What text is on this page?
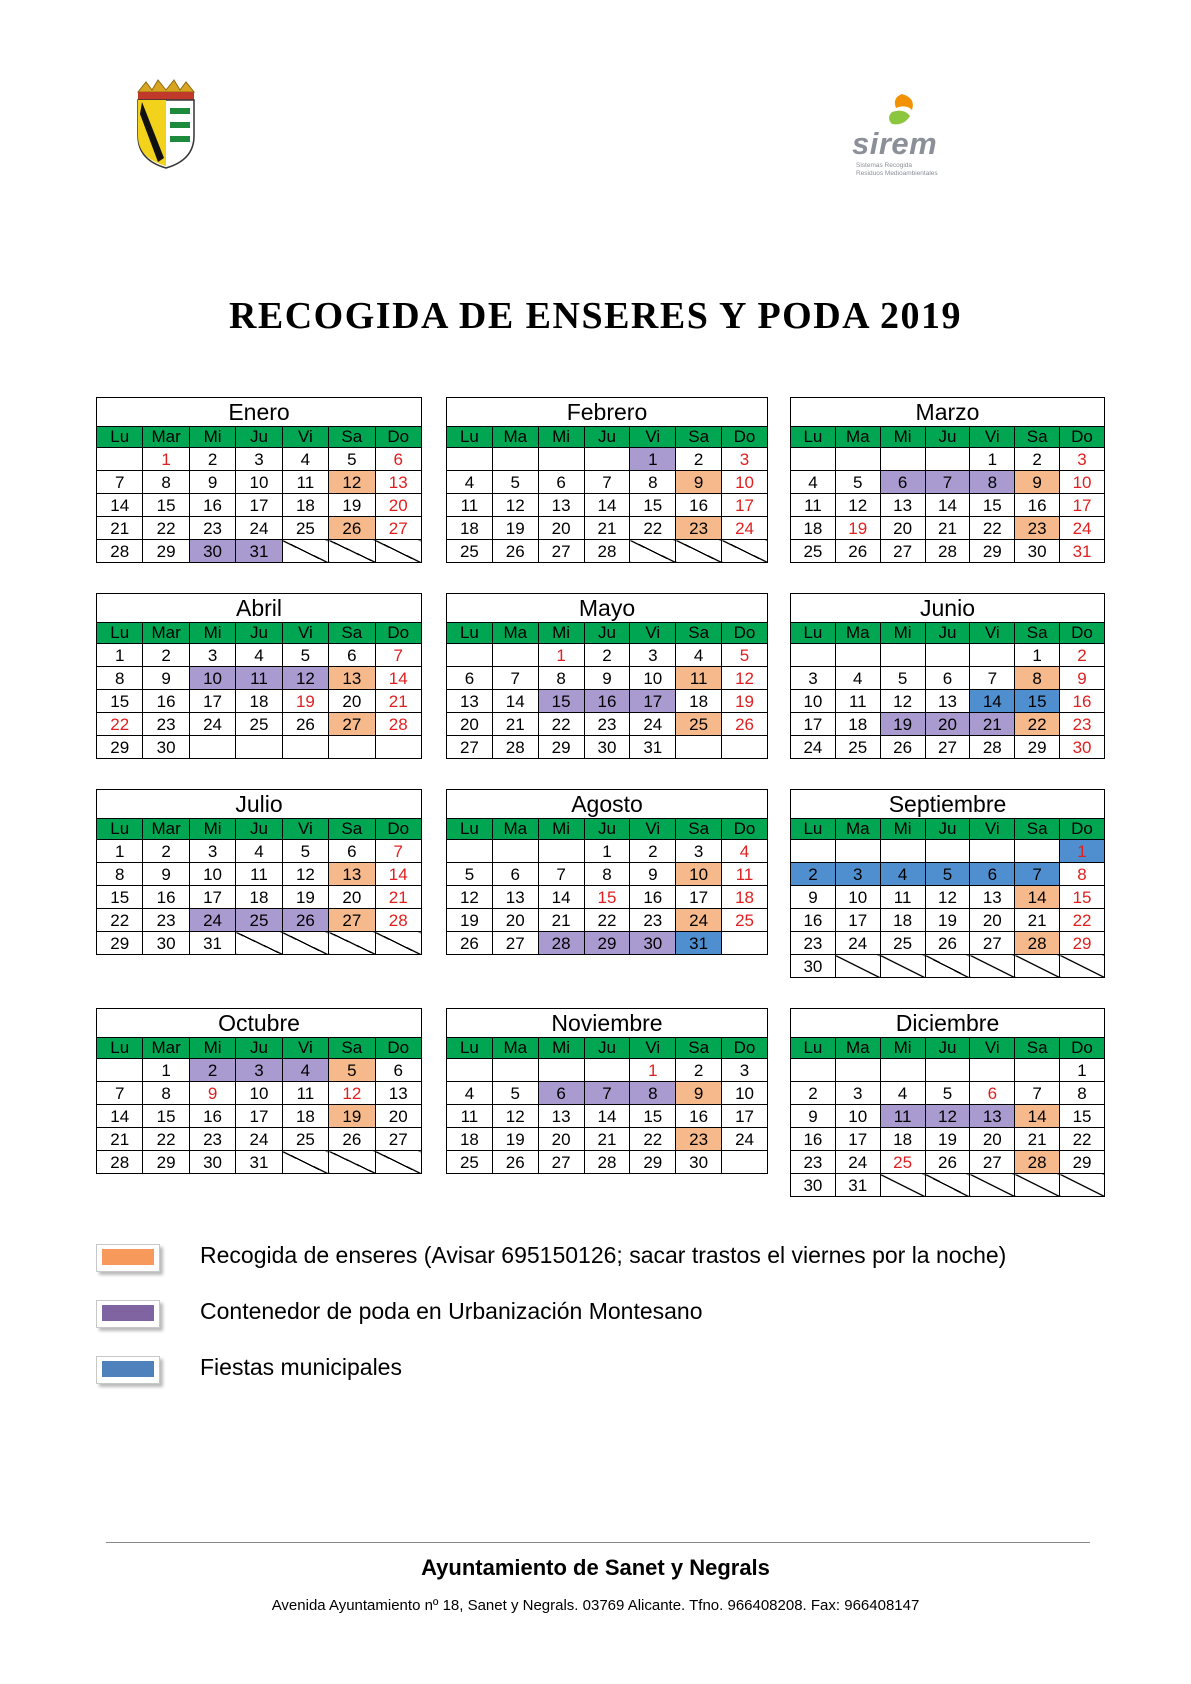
sirem
Sistemas Recogida
Residuos Medioambientales
RECOGIDA DE ENSERES Y PODA 2019
Enero						
Lu	Mar	Mi	Ju	Vi	Sa	Do
	1	2	3	4	5	6
7	8	9	10	11	12	13
14	15	16	17	18	19	20
21	22	23	24	25	26	27
28	29	30	31			
Febrero						
Lu	Ma	Mi	Ju	Vi	Sa	Do
				1	2	3
4	5	6	7	8	9	10
11	12	13	14	15	16	17
18	19	20	21	22	23	24
25	26	27	28			
Marzo						
Lu	Ma	Mi	Ju	Vi	Sa	Do
				1	2	3
4	5	6	7	8	9	10
11	12	13	14	15	16	17
18	19	20	21	22	23	24
25	26	27	28	29	30	31
Abril						
Lu	Mar	Mi	Ju	Vi	Sa	Do
1	2	3	4	5	6	7
8	9	10	11	12	13	14
15	16	17	18	19	20	21
22	23	24	25	26	27	28
29	30					
Mayo						
Lu	Ma	Mi	Ju	Vi	Sa	Do
		1	2	3	4	5
6	7	8	9	10	11	12
13	14	15	16	17	18	19
20	21	22	23	24	25	26
27	28	29	30	31		
Junio						
Lu	Ma	Mi	Ju	Vi	Sa	Do
					1	2
3	4	5	6	7	8	9
10	11	12	13	14	15	16
17	18	19	20	21	22	23
24	25	26	27	28	29	30
Julio						
Lu	Mar	Mi	Ju	Vi	Sa	Do
1	2	3	4	5	6	7
8	9	10	11	12	13	14
15	16	17	18	19	20	21
22	23	24	25	26	27	28
29	30	31				
Agosto						
Lu	Ma	Mi	Ju	Vi	Sa	Do
			1	2	3	4
5	6	7	8	9	10	11
12	13	14	15	16	17	18
19	20	21	22	23	24	25
26	27	28	29	30	31	
Septiembre						
Lu	Ma	Mi	Ju	Vi	Sa	Do
						1
2	3	4	5	6	7	8
9	10	11	12	13	14	15
16	17	18	19	20	21	22
23	24	25	26	27	28	29
30						
Octubre						
Lu	Mar	Mi	Ju	Vi	Sa	Do
	1	2	3	4	5	6
7	8	9	10	11	12	13
14	15	16	17	18	19	20
21	22	23	24	25	26	27
28	29	30	31			
Noviembre						
Lu	Ma	Mi	Ju	Vi	Sa	Do
				1	2	3
4	5	6	7	8	9	10
11	12	13	14	15	16	17
18	19	20	21	22	23	24
25	26	27	28	29	30	
Diciembre						
Lu	Ma	Mi	Ju	Vi	Sa	Do
						1
2	3	4	5	6	7	8
9	10	11	12	13	14	15
16	17	18	19	20	21	22
23	24	25	26	27	28	29
30	31					
Recogida de enseres (Avisar 695150126; sacar trastos el viernes por la noche)
Contenedor de poda en Urbanización Montesano
Fiestas municipales
Ayuntamiento de Sanet y Negrals
Avenida Ayuntamiento nº 18, Sanet y Negrals. 03769 Alicante. Tfno. 966408208. Fax: 966408147
